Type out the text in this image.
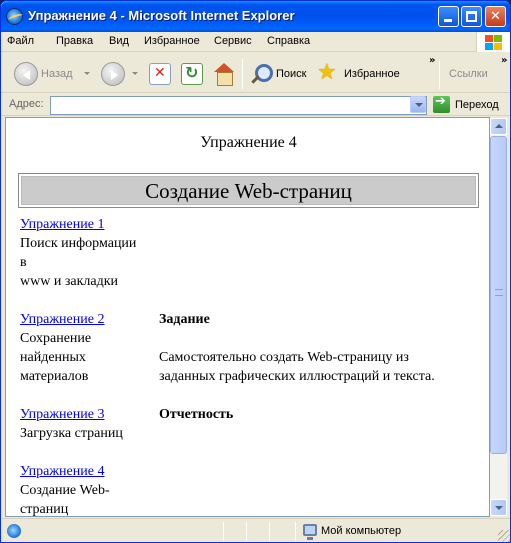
Упражнение 4 - Microsoft Internet Explorer	✕
Файл Правка Вид Избранное Сервис Справка
Назад ✕ ↻	Поиск ★ Избранное
»
Ссылки
»
Адрес: ➔	Переход
Упражнение 4
Создание Web-страниц
Упражнение 1

Поиск информации
в
www и закладки
Упражнение 2

Сохранение
найденных
материалов
Упражнение 3

Загрузка страниц
Упражнение 4

Создание Web-
страниц
Задание

Самостоятельно создать Web-страницу из
заданных графических иллюстраций и текста.

Отчетность
Мой компьютер
